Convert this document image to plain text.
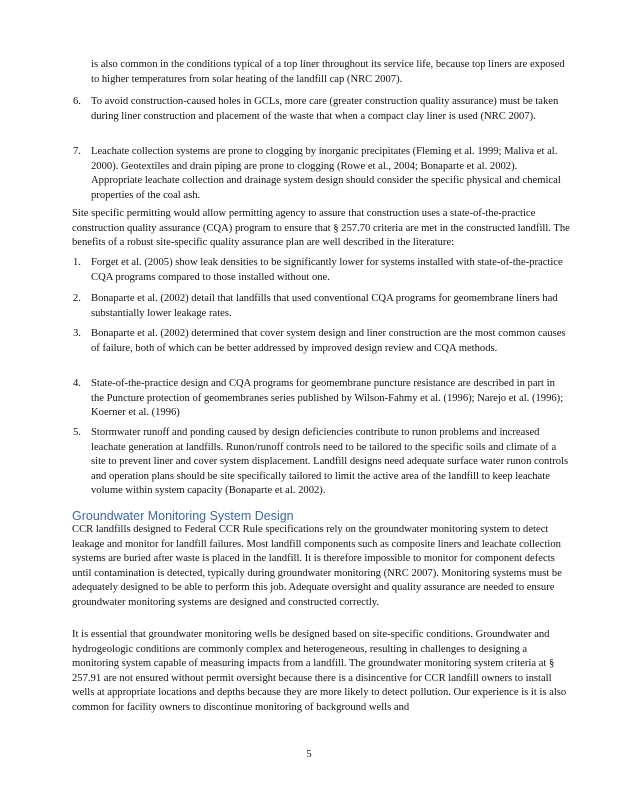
is also common in the conditions typical of a top liner throughout its service life, because top liners are exposed to higher temperatures from solar heating of the landfill cap (NRC 2007).
6. To avoid construction-caused holes in GCLs, more care (greater construction quality assurance) must be taken during liner construction and placement of the waste that when a compact clay liner is used (NRC 2007).
7. Leachate collection systems are prone to clogging by inorganic precipitates (Fleming et al. 1999; Maliva et al. 2000). Geotextiles and drain piping are prone to clogging (Rowe et al., 2004; Bonaparte et al. 2002). Appropriate leachate collection and drainage system design should consider the specific physical and chemical properties of the coal ash.
Site specific permitting would allow permitting agency to assure that construction uses a state-of-the-practice construction quality assurance (CQA) program to ensure that § 257.70 criteria are met in the constructed landfill. The benefits of a robust site-specific quality assurance plan are well described in the literature:
1. Forget et al. (2005) show leak densities to be significantly lower for systems installed with state-of-the-practice CQA programs compared to those installed without one.
2. Bonaparte et al. (2002) detail that landfills that used conventional CQA programs for geomembrane liners had substantially lower leakage rates.
3. Bonaparte et al. (2002) determined that cover system design and liner construction are the most common causes of failure, both of which can be better addressed by improved design review and CQA methods.
4. State-of-the-practice design and CQA programs for geomembrane puncture resistance are described in part in the Puncture protection of geomembranes series published by Wilson-Fahmy et al. (1996); Narejo et al. (1996); Koerner et al. (1996)
5. Stormwater runoff and ponding caused by design deficiencies contribute to runon problems and increased leachate generation at landfills. Runon/runoff controls need to be tailored to the specific soils and climate of a site to prevent liner and cover system displacement. Landfill designs need adequate surface water runon controls and operation plans should be site specifically tailored to limit the active area of the landfill to keep leachate volume within system capacity (Bonaparte et al. 2002).
Groundwater Monitoring System Design
CCR landfills designed to Federal CCR Rule specifications rely on the groundwater monitoring system to detect leakage and monitor for landfill failures. Most landfill components such as composite liners and leachate collection systems are buried after waste is placed in the landfill. It is therefore impossible to monitor for component defects until contamination is detected, typically during groundwater monitoring (NRC 2007). Monitoring systems must be adequately designed to be able to perform this job. Adequate oversight and quality assurance are needed to ensure groundwater monitoring systems are designed and constructed correctly.
It is essential that groundwater monitoring wells be designed based on site-specific conditions. Groundwater and hydrogeologic conditions are commonly complex and heterogeneous, resulting in challenges to designing a monitoring system capable of measuring impacts from a landfill. The groundwater monitoring system criteria at § 257.91 are not ensured without permit oversight because there is a disincentive for CCR landfill owners to install wells at appropriate locations and depths because they are more likely to detect pollution. Our experience is it is also common for facility owners to discontinue monitoring of background wells and
5
